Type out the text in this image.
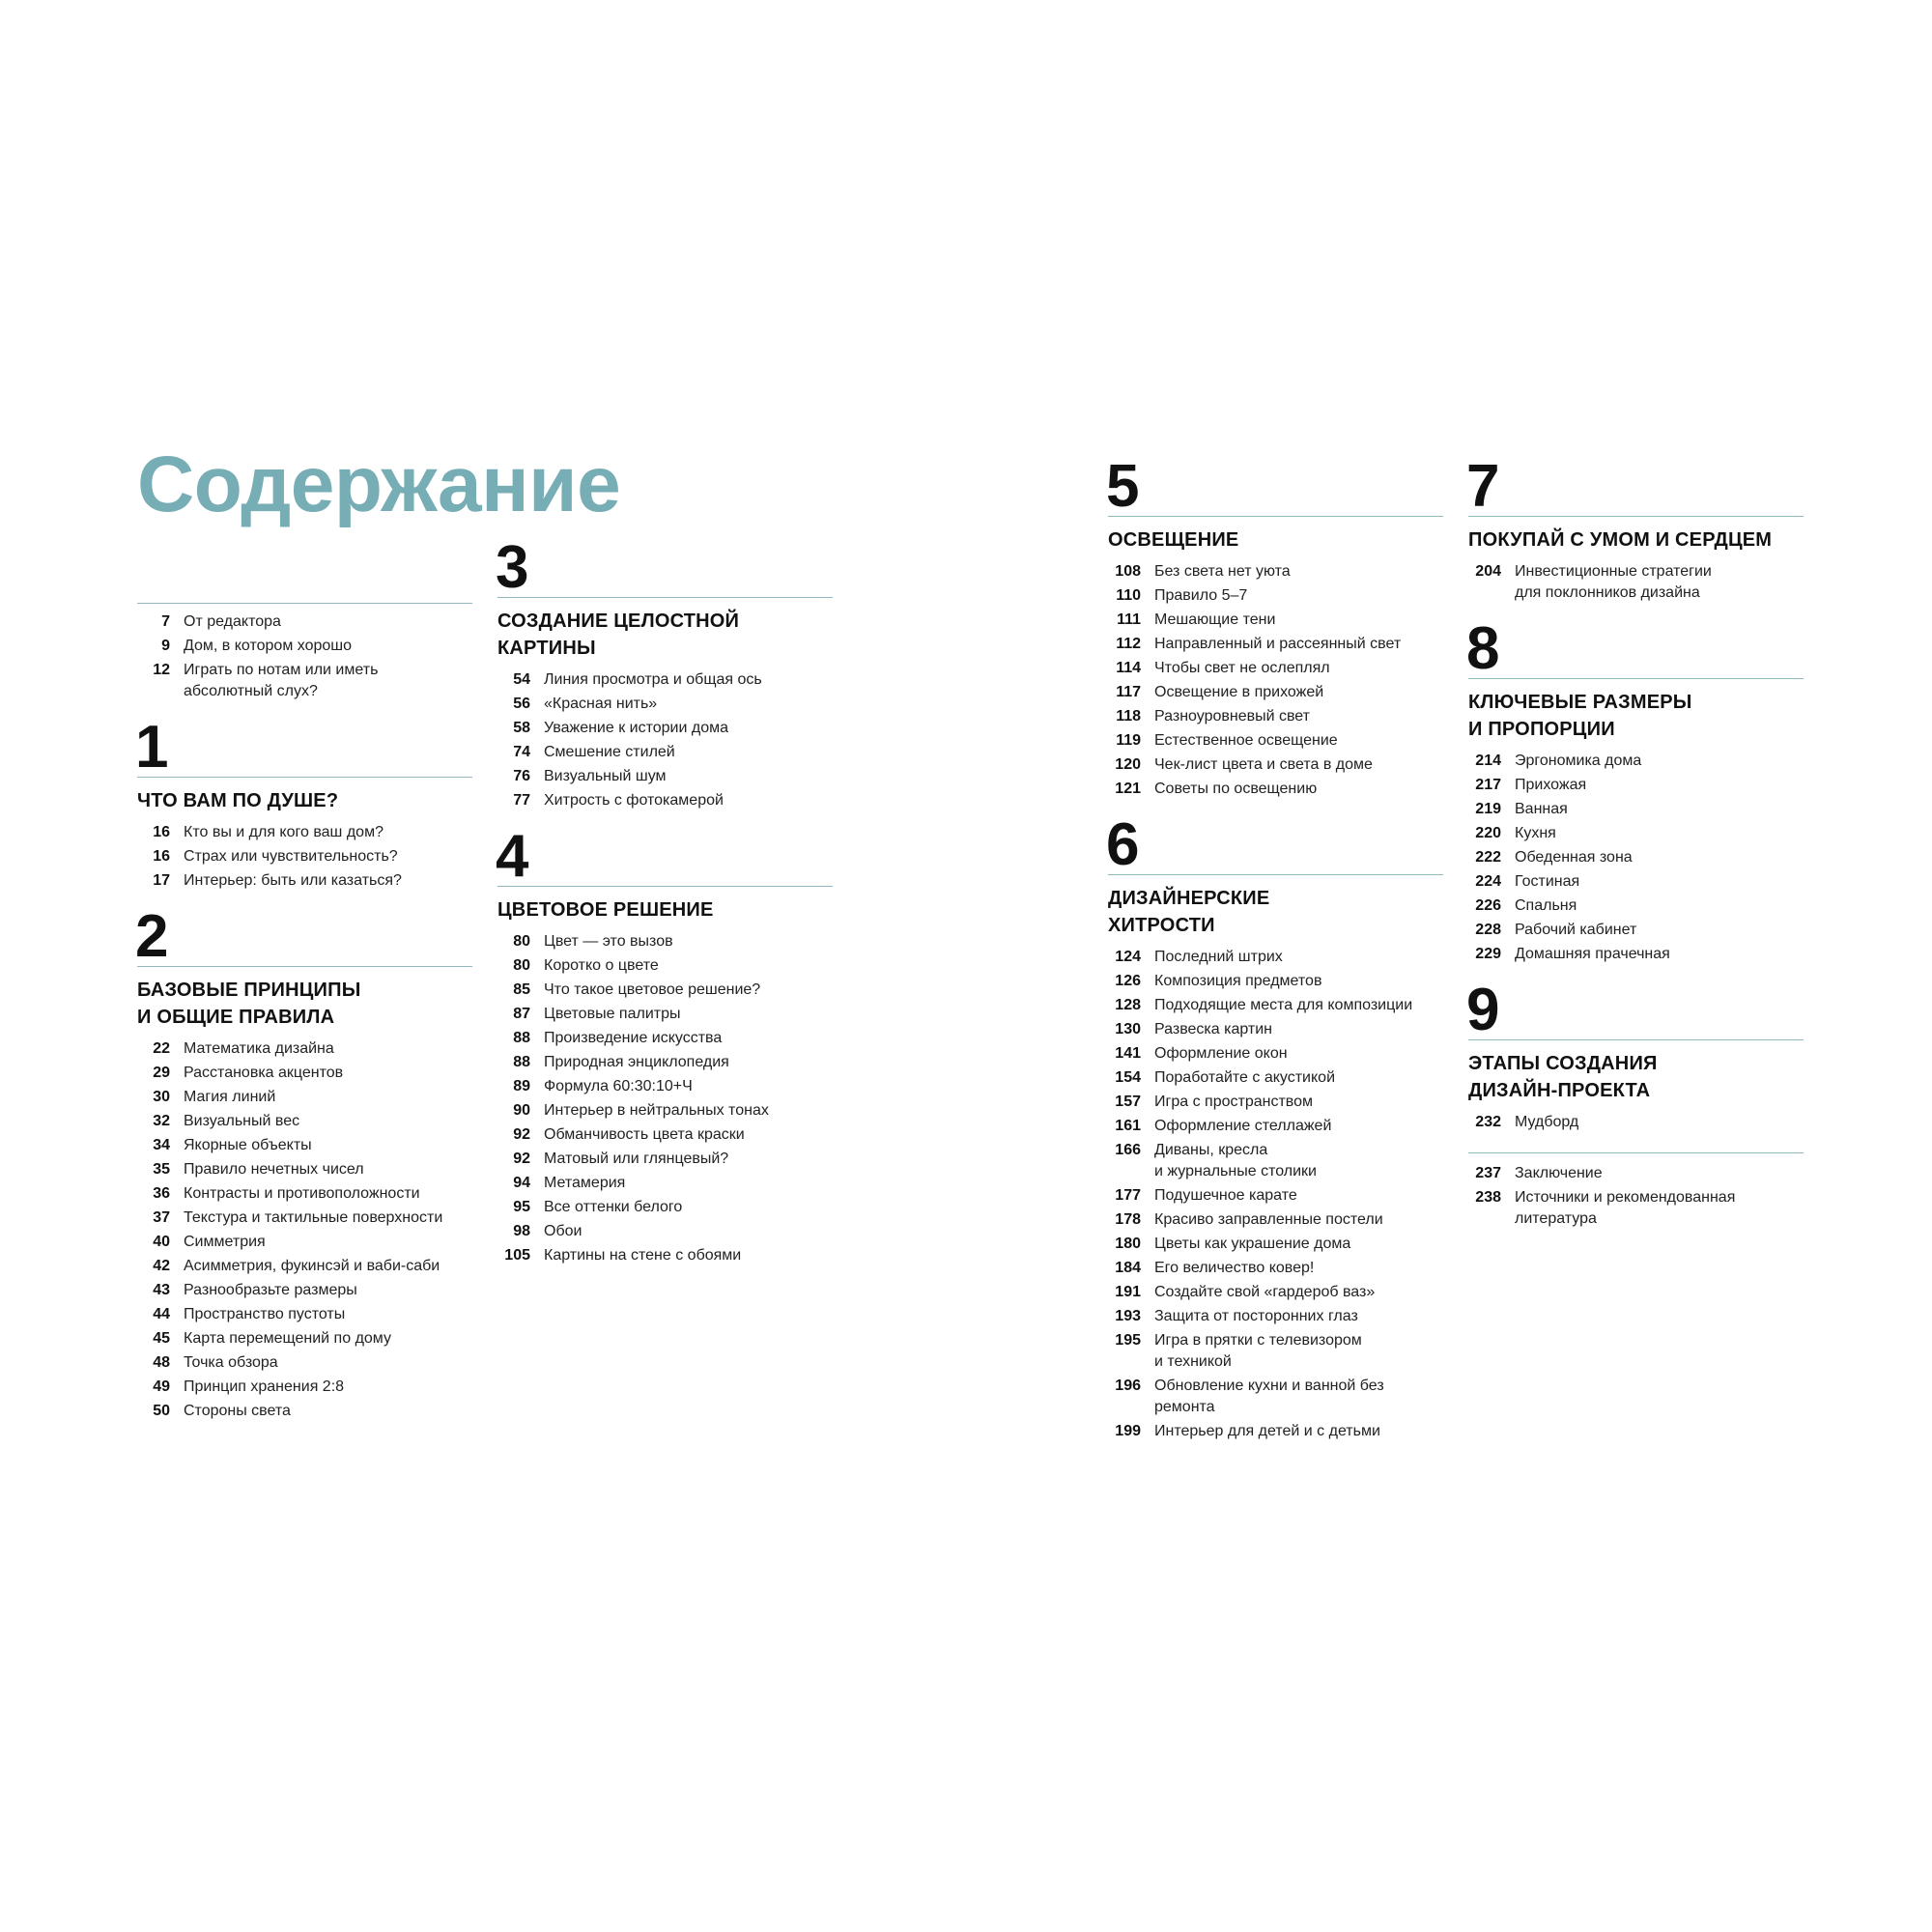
Содержание
7 От редактора
9 Дом, в котором хорошо
12 Играть по нотам или иметь
абсолютный слух?
1
ЧТО ВАМ ПО ДУШЕ?
16 Кто вы и для кого ваш дом?
16 Страх или чувствительность?
17 Интерьер: быть или казаться?
2
БАЗОВЫЕ ПРИНЦИПЫ
И ОБЩИЕ ПРАВИЛА
22 Математика дизайна
29 Расстановка акцентов
30 Магия линий
32 Визуальный вес
34 Якорные объекты
35 Правило нечетных чисел
36 Контрасты и противоположности
37 Текстура и тактильные поверхности
40 Симметрия
42 Асимметрия, фукинсэй и ваби-саби
43 Разнообразьте размеры
44 Пространство пустоты
45 Карта перемещений по дому
48 Точка обзора
49 Принцип хранения 2:8
50 Стороны света
3
СОЗДАНИЕ ЦЕЛОСТНОЙ
КАРТИНЫ
54 Линия просмотра и общая ось
56 «Красная нить»
58 Уважение к истории дома
74 Смешение стилей
76 Визуальный шум
77 Хитрость с фотокамерой
4
ЦВЕТОВОЕ РЕШЕНИЕ
80 Цвет — это вызов
80 Коротко о цвете
85 Что такое цветовое решение?
87 Цветовые палитры
88 Произведение искусства
88 Природная энциклопедия
89 Формула 60:30:10+Ч
90 Интерьер в нейтральных тонах
92 Обманчивость цвета краски
92 Матовый или глянцевый?
94 Метамерия
95 Все оттенки белого
98 Обои
105 Картины на стене с обоями
5
ОСВЕЩЕНИЕ
108 Без света нет уюта
110 Правило 5–7
111 Мешающие тени
112 Направленный и рассеянный свет
114 Чтобы свет не ослеплял
117 Освещение в прихожей
118 Разноуровневый свет
119 Естественное освещение
120 Чек-лист цвета и света в доме
121 Советы по освещению
6
ДИЗАЙНЕРСКИЕ
ХИТРОСТИ
124 Последний штрих
126 Композиция предметов
128 Подходящие места для композиции
130 Развеска картин
141 Оформление окон
154 Поработайте с акустикой
157 Игра с пространством
161 Оформление стеллажей
166 Диваны, кресла
и журнальные столики
177 Подушечное карате
178 Красиво заправленные постели
180 Цветы как украшение дома
184 Его величество ковер!
191 Создайте свой «гардероб ваз»
193 Защита от посторонних глаз
195 Игра в прятки с телевизором
и техникой
196 Обновление кухни и ванной без
ремонта
199 Интерьер для детей и с детьми
7
ПОКУПАЙ С УМОМ И СЕРДЦЕМ
204 Инвестиционные стратегии
для поклонников дизайна
8
КЛЮЧЕВЫЕ РАЗМЕРЫ
И ПРОПОРЦИИ
214 Эргономика дома
217 Прихожая
219 Ванная
220 Кухня
222 Обеденная зона
224 Гостиная
226 Спальня
228 Рабочий кабинет
229 Домашняя прачечная
9
ЭТАПЫ СОЗДАНИЯ
ДИЗАЙН-ПРОЕКТА
232 Мудборд
237 Заключение
238 Источники и рекомендованная
литература
